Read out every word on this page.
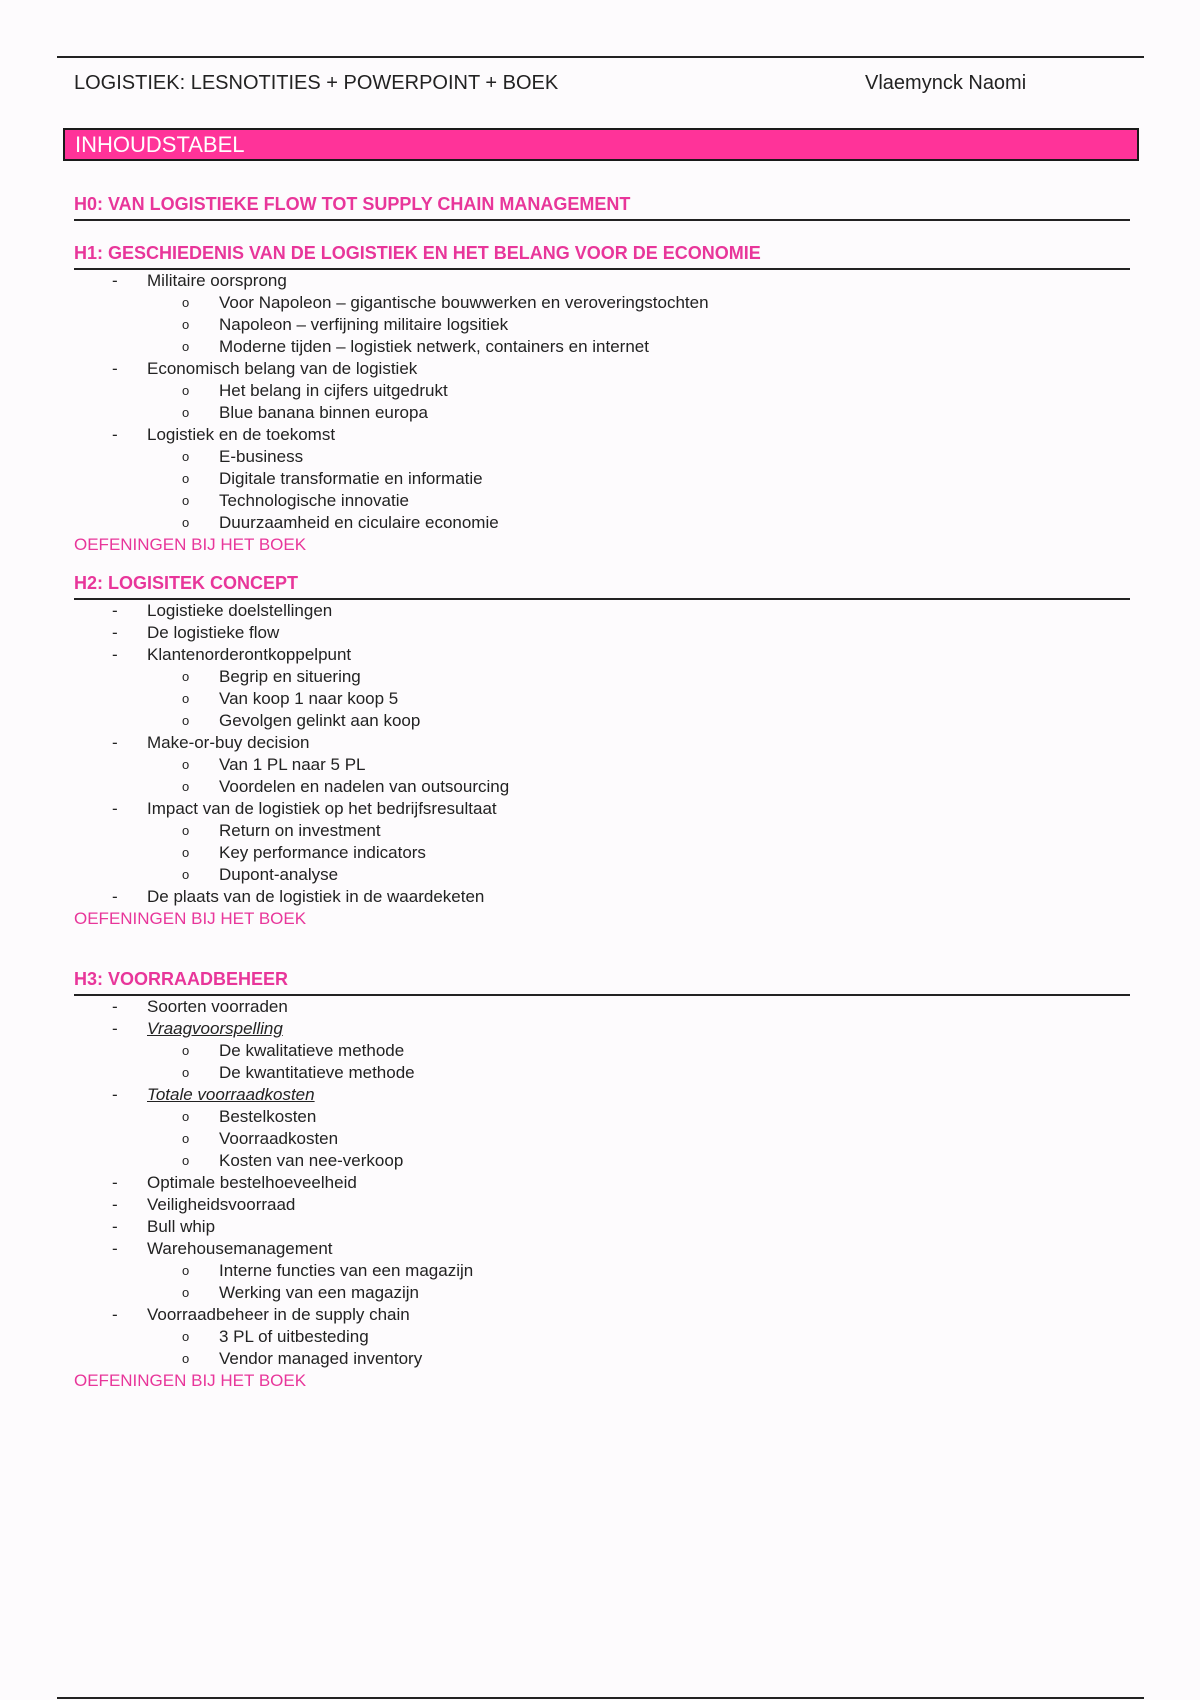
LOGISTIEK: LESNOTITIES + POWERPOINT + BOEK	Vlaemynck Naomi
INHOUDSTABEL
H0: VAN LOGISTIEKE FLOW TOT SUPPLY CHAIN MANAGEMENT
H1: GESCHIEDENIS VAN DE LOGISTIEK EN HET BELANG VOOR DE ECONOMIE
- Militaire oorsprong
o Voor Napoleon – gigantische bouwwerken en veroveringstochten
o Napoleon – verfijning militaire logsitiek
o Moderne tijden – logistiek netwerk, containers en internet
- Economisch belang van de logistiek
o Het belang in cijfers uitgedrukt
o Blue banana binnen europa
- Logistiek en de toekomst
o E-business
o Digitale transformatie en informatie
o Technologische innovatie
o Duurzaamheid en ciculaire economie
OEFENINGEN BIJ HET BOEK
H2: LOGISITEK CONCEPT
- Logistieke doelstellingen
- De logistieke flow
- Klantenorderontkoppelpunt
o Begrip en situering
o Van koop 1 naar koop 5
o Gevolgen gelinkt aan koop
- Make-or-buy decision
o Van 1 PL naar 5 PL
o Voordelen en nadelen van outsourcing
- Impact van de logistiek op het bedrijfsresultaat
o Return on investment
o Key performance indicators
o Dupont-analyse
- De plaats van de logistiek in de waardeketen
OEFENINGEN BIJ HET BOEK
H3: VOORRAADBEHEER
- Soorten voorraden
- Vraagvoorspelling
o De kwalitatieve methode
o De kwantitatieve methode
- Totale voorraadkosten
o Bestelkosten
o Voorraadkosten
o Kosten van nee-verkoop
- Optimale bestelhoeveelheid
- Veiligheidsvoorraad
- Bull whip
- Warehousemanagement
o Interne functies van een magazijn
o Werking van een magazijn
- Voorraadbeheer in de supply chain
o 3 PL of uitbesteding
o Vendor managed inventory
OEFENINGEN BIJ HET BOEK
